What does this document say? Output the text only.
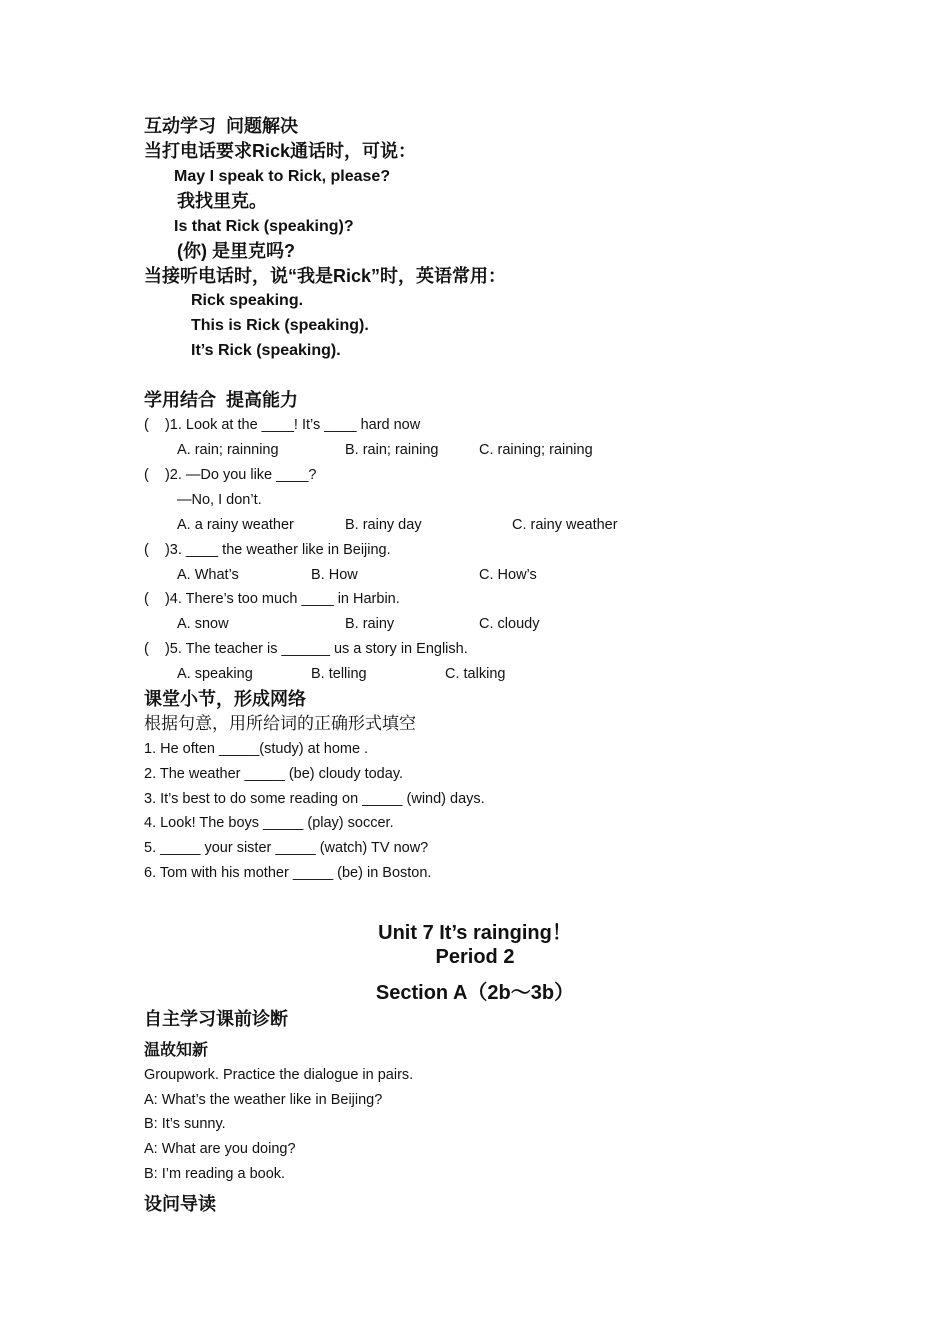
互动学习  问题解决
当打电话要求Rick通话时，可说：
May I speak to Rick, please?
我找里克。
Is that Rick (speaking)?
(你) 是里克吗?
当接听电话时，说“我是Rick”时，英语常用：
Rick speaking.
This is Rick (speaking).
It’s Rick (speaking).
学用结合  提高能力
(    )1. Look at the ____! It’s ____ hard now
A. rain; rainning	B. rain; raining	C. raining; raining
(    )2. —Do you like ____?
—No, I don’t.
A. a rainy weather	B. rainy day	C. rainy weather
(    )3. ____ the weather like in Beijing.
A. What’s	B. How	C. How’s
(    )4. There’s too much ____ in Harbin.
A. snow	B. rainy	C. cloudy
(    )5. The teacher is ______ us a story in English.
A. speaking	B. telling	C. talking
课堂小节，形成网络
根据句意，用所给词的正确形式填空
1. He often _____(study) at home .
2. The weather _____ (be) cloudy today.
3. It’s best to do some reading on _____ (wind) days.
4. Look! The boys _____ (play) soccer.
5. _____ your sister _____ (watch) TV now?
6. Tom with his mother _____ (be) in Boston.
Unit 7 It’s rainging！
Period 2
Section A（2b～3b）
自主学习课前诊断
温故知新
Groupwork. Practice the dialogue in pairs.
A: What’s the weather like in Beijing?
B: It’s sunny.
A: What are you doing?
B: I’m reading a book.
设问导读
